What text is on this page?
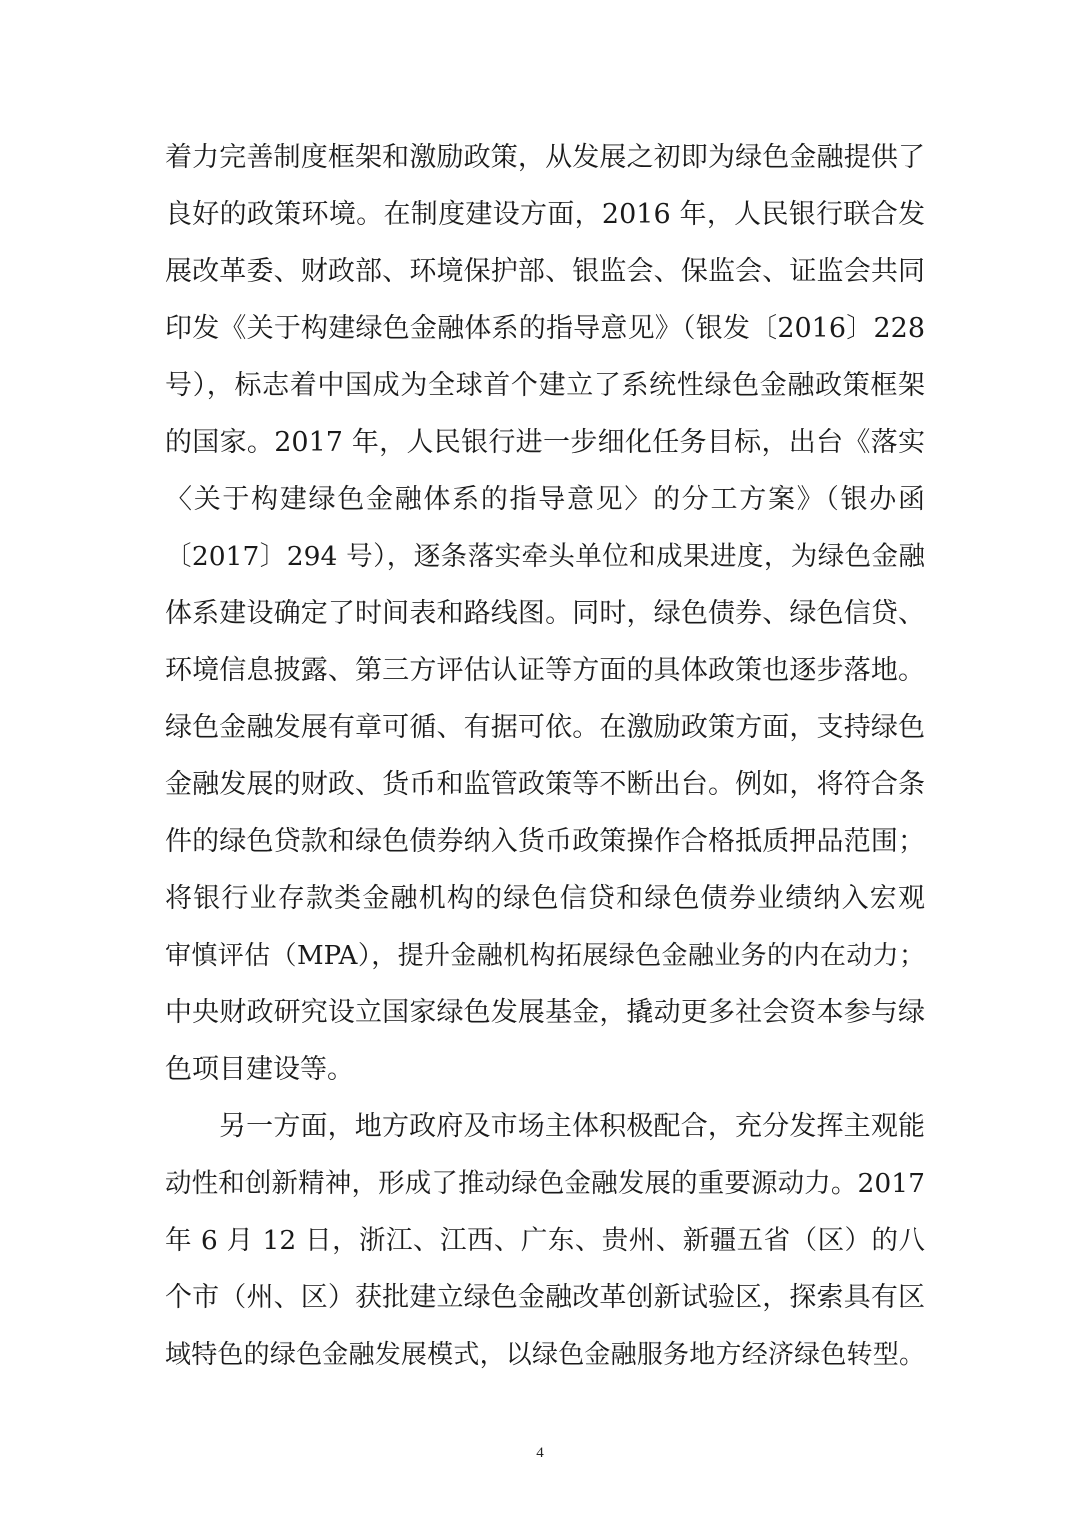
着力完善制度框架和激励政策，从发展之初即为绿色金融提供了
良好的政策环境。在制度建设方面，2016 年，人民银行联合发
展改革委、财政部、环境保护部、银监会、保监会、证监会共同
印发《关于构建绿色金融体系的指导意见》（银发〔2016〕228
号），标志着中国成为全球首个建立了系统性绿色金融政策框架
的国家。2017 年，人民银行进一步细化任务目标，出台《落实
〈关于构建绿色金融体系的指导意见〉的分工方案》（银办函
〔2017〕294 号），逐条落实牵头单位和成果进度，为绿色金融
体系建设确定了时间表和路线图。同时，绿色债券、绿色信贷、
环境信息披露、第三方评估认证等方面的具体政策也逐步落地。
绿色金融发展有章可循、有据可依。在激励政策方面，支持绿色
金融发展的财政、货币和监管政策等不断出台。例如，将符合条
件的绿色贷款和绿色债券纳入货币政策操作合格抵质押品范围；
将银行业存款类金融机构的绿色信贷和绿色债券业绩纳入宏观
审慎评估（MPA），提升金融机构拓展绿色金融业务的内在动力；
中央财政研究设立国家绿色发展基金，撬动更多社会资本参与绿
色项目建设等。
另一方面，地方政府及市场主体积极配合，充分发挥主观能
动性和创新精神，形成了推动绿色金融发展的重要源动力。2017
年 6 月 12 日，浙江、江西、广东、贵州、新疆五省（区）的八
个市（州、区）获批建立绿色金融改革创新试验区，探索具有区
域特色的绿色金融发展模式，以绿色金融服务地方经济绿色转型。
4
